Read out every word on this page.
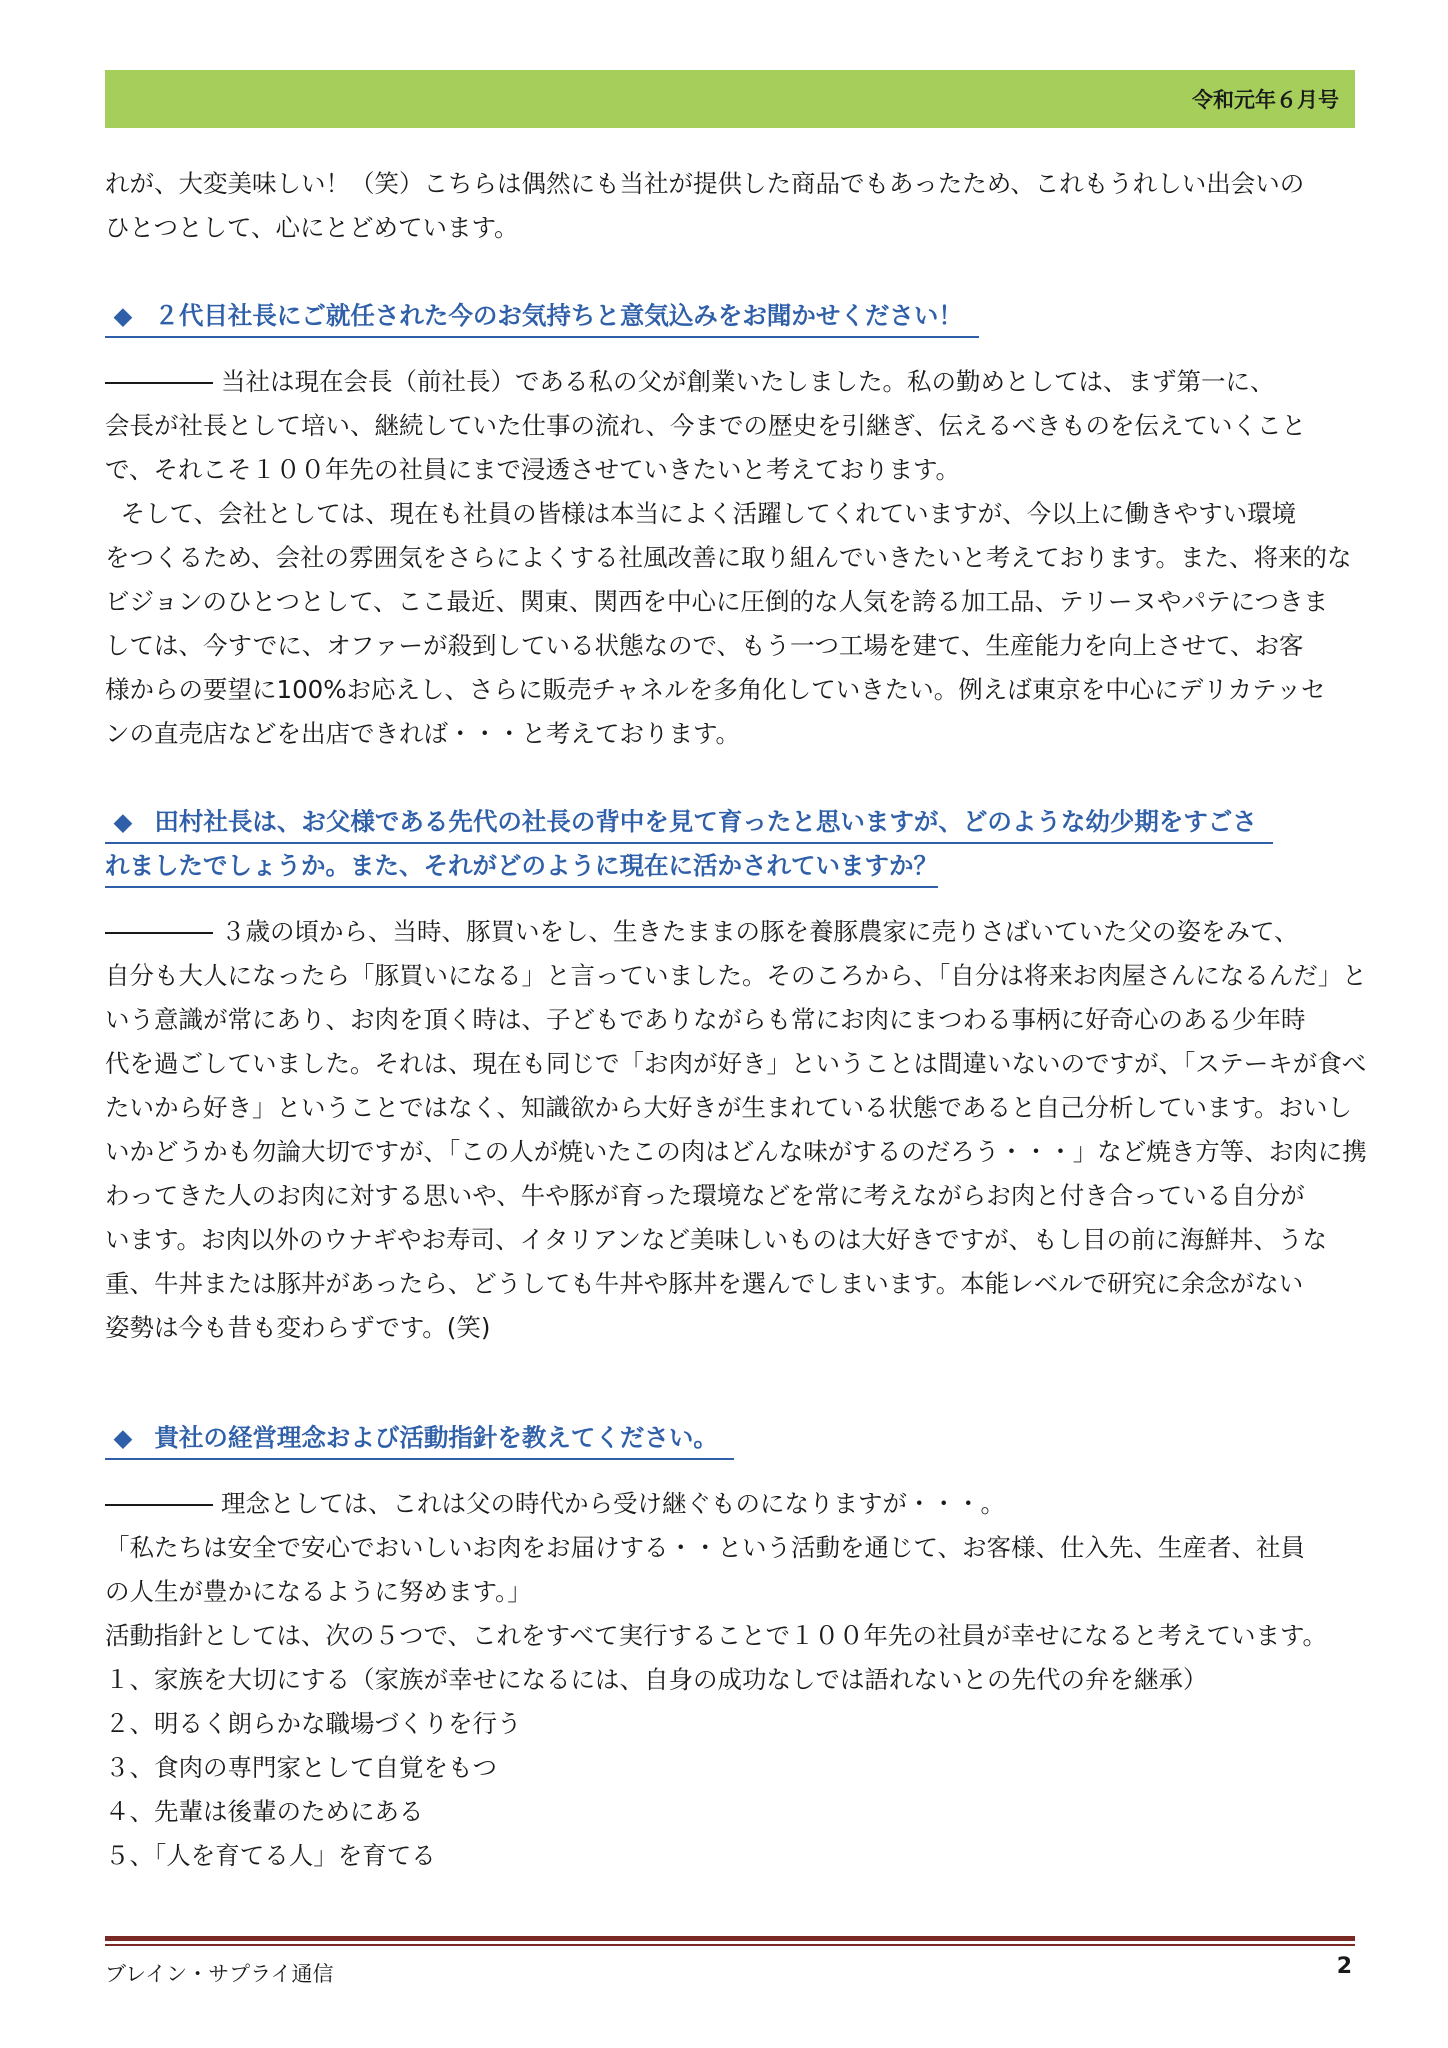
令和元年６月号
れが、大変美味しい！（笑）こちらは偶然にも当社が提供した商品でもあったため、これもうれしい出会いの
ひとつとして、心にとどめています。
◆ ２代目社長にご就任された今のお気持ちと意気込みをお聞かせください！
当社は現在会長（前社長）である私の父が創業いたしました。私の勤めとしては、まず第一に、
会長が社長として培い、継続していた仕事の流れ、今までの歴史を引継ぎ、伝えるべきものを伝えていくこと
で、それこそ１００年先の社員にまで浸透させていきたいと考えております。
そして、会社としては、現在も社員の皆様は本当によく活躍してくれていますが、今以上に働きやすい環境
をつくるため、会社の雰囲気をさらによくする社風改善に取り組んでいきたいと考えております。また、将来的な
ビジョンのひとつとして、ここ最近、関東、関西を中心に圧倒的な人気を誇る加工品、テリーヌやパテにつきま
しては、今すでに、オファーが殺到している状態なので、もう一つ工場を建て、生産能力を向上させて、お客
様からの要望に100%お応えし、さらに販売チャネルを多角化していきたい。例えば東京を中心にデリカテッセ
ンの直売店などを出店できれば・・・と考えております。
◆ 田村社長は、お父様である先代の社長の背中を見て育ったと思いますが、どのような幼少期をすごさ
れましたでしょうか。また、それがどのように現在に活かされていますか？
３歳の頃から、当時、豚買いをし、生きたままの豚を養豚農家に売りさばいていた父の姿をみて、
自分も大人になったら「豚買いになる」と言っていました。そのころから、「自分は将来お肉屋さんになるんだ」と
いう意識が常にあり、お肉を頂く時は、子どもでありながらも常にお肉にまつわる事柄に好奇心のある少年時
代を過ごしていました。それは、現在も同じで「お肉が好き」ということは間違いないのですが、「ステーキが食べ
たいから好き」ということではなく、知識欲から大好きが生まれている状態であると自己分析しています。おいし
いかどうかも勿論大切ですが、「この人が焼いたこの肉はどんな味がするのだろう・・・」など焼き方等、お肉に携
わってきた人のお肉に対する思いや、牛や豚が育った環境などを常に考えながらお肉と付き合っている自分が
います。お肉以外のウナギやお寿司、イタリアンなど美味しいものは大好きですが、もし目の前に海鮮丼、うな
重、牛丼または豚丼があったら、どうしても牛丼や豚丼を選んでしまいます。本能レベルで研究に余念がない
姿勢は今も昔も変わらずです。(笑)
◆ 貴社の経営理念および活動指針を教えてください。
理念としては、これは父の時代から受け継ぐものになりますが・・・。
「私たちは安全で安心でおいしいお肉をお届けする・・という活動を通じて、お客様、仕入先、生産者、社員
の人生が豊かになるように努めます。」
活動指針としては、次の５つで、これをすべて実行することで１００年先の社員が幸せになると考えています。
１、家族を大切にする（家族が幸せになるには、自身の成功なしでは語れないとの先代の弁を継承）
２、明るく朗らかな職場づくりを行う
３、食肉の専門家として自覚をもつ
４、先輩は後輩のためにある
５、「人を育てる人」を育てる
ブレイン・サプライ通信	2
